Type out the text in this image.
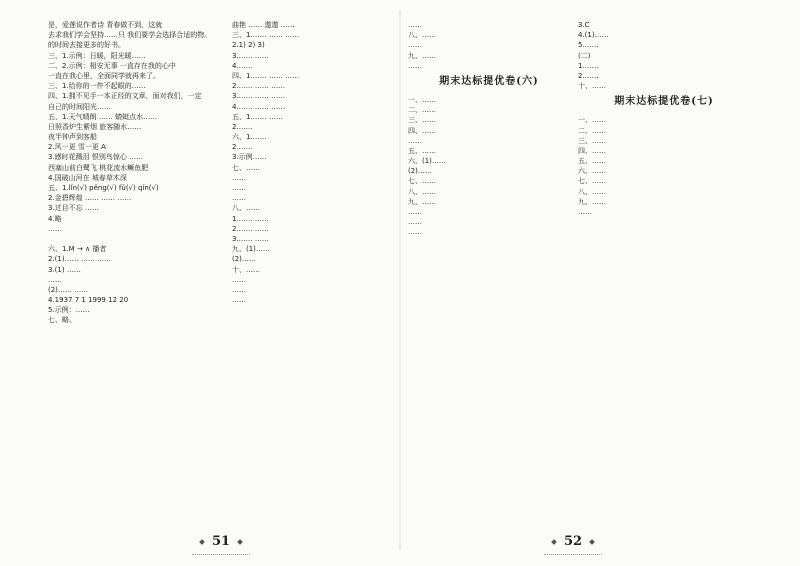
是，爱莲说作者诗 青春做不到，这就
去求我们学会坚持……只 我们要学会选择合适的物。
的时间去接更多的好书。
三、1.示例：日暖，阳光暖……
二、2.示例：相安无事 一直存在我的心中
一直在我心里，全面同学就再来了。
三、1.给你的一件不起眼的……
四、1.拥不见手一本正经的文章，面对我们，一定
自己的时间阳光……
五、1.天气晴朗 …… 蜻蜓点水……
日照香炉生紫烟 旅客随水……
夜半钟声到客船
2.风一更 雪一更 A
3.感时花溅泪 恨别鸟惊心 ……
西塞山前白鹭飞 桃花流水鳜鱼肥
4.国破山河在 城春草木深
五、1.lǐn(√) pěng(√) fǔ(√) qín(√)
2.金碧辉煌 …… …… ……
3.过目不忘 ……
4.略
……
六、1.M → ∧ 播者
2.(1)…… …… ……
3.(1) ……
……
(2)…… ……
4.1937 7 1 1999 12 20
5.示例：……
七、略。
曲艳 …… 遨遨 ……
三、1.…… …… ……
2.1) 2) 3)
3.…… ……
4.……
四、1.…… …… ……
2.…… …… ……
3.…… …… ……
4.…… …… ……
五、1.…… ……
2.……
六、1.……
2.……
3.示例……
七、……
……
……
……
八、……
1.…… ……
2.…… ……
3.…… ……
九、(1)……
(2)……
十、……
……
……
……
……
八、……
……
九、……
……
期末达标提优卷(六)
一、……
二、……
三、……
四、……
……
五、……
六、(1)……
(2)……
七、……
八、……
九、……
……
……
……
3.C
4.(1)……
5.……
(二)
1.……
2.……
十、……
期末达标提优卷(七)
一、……
二、……
三、……
四、……
五、……
六、……
七、……
八、……
九、……
……
51	52
